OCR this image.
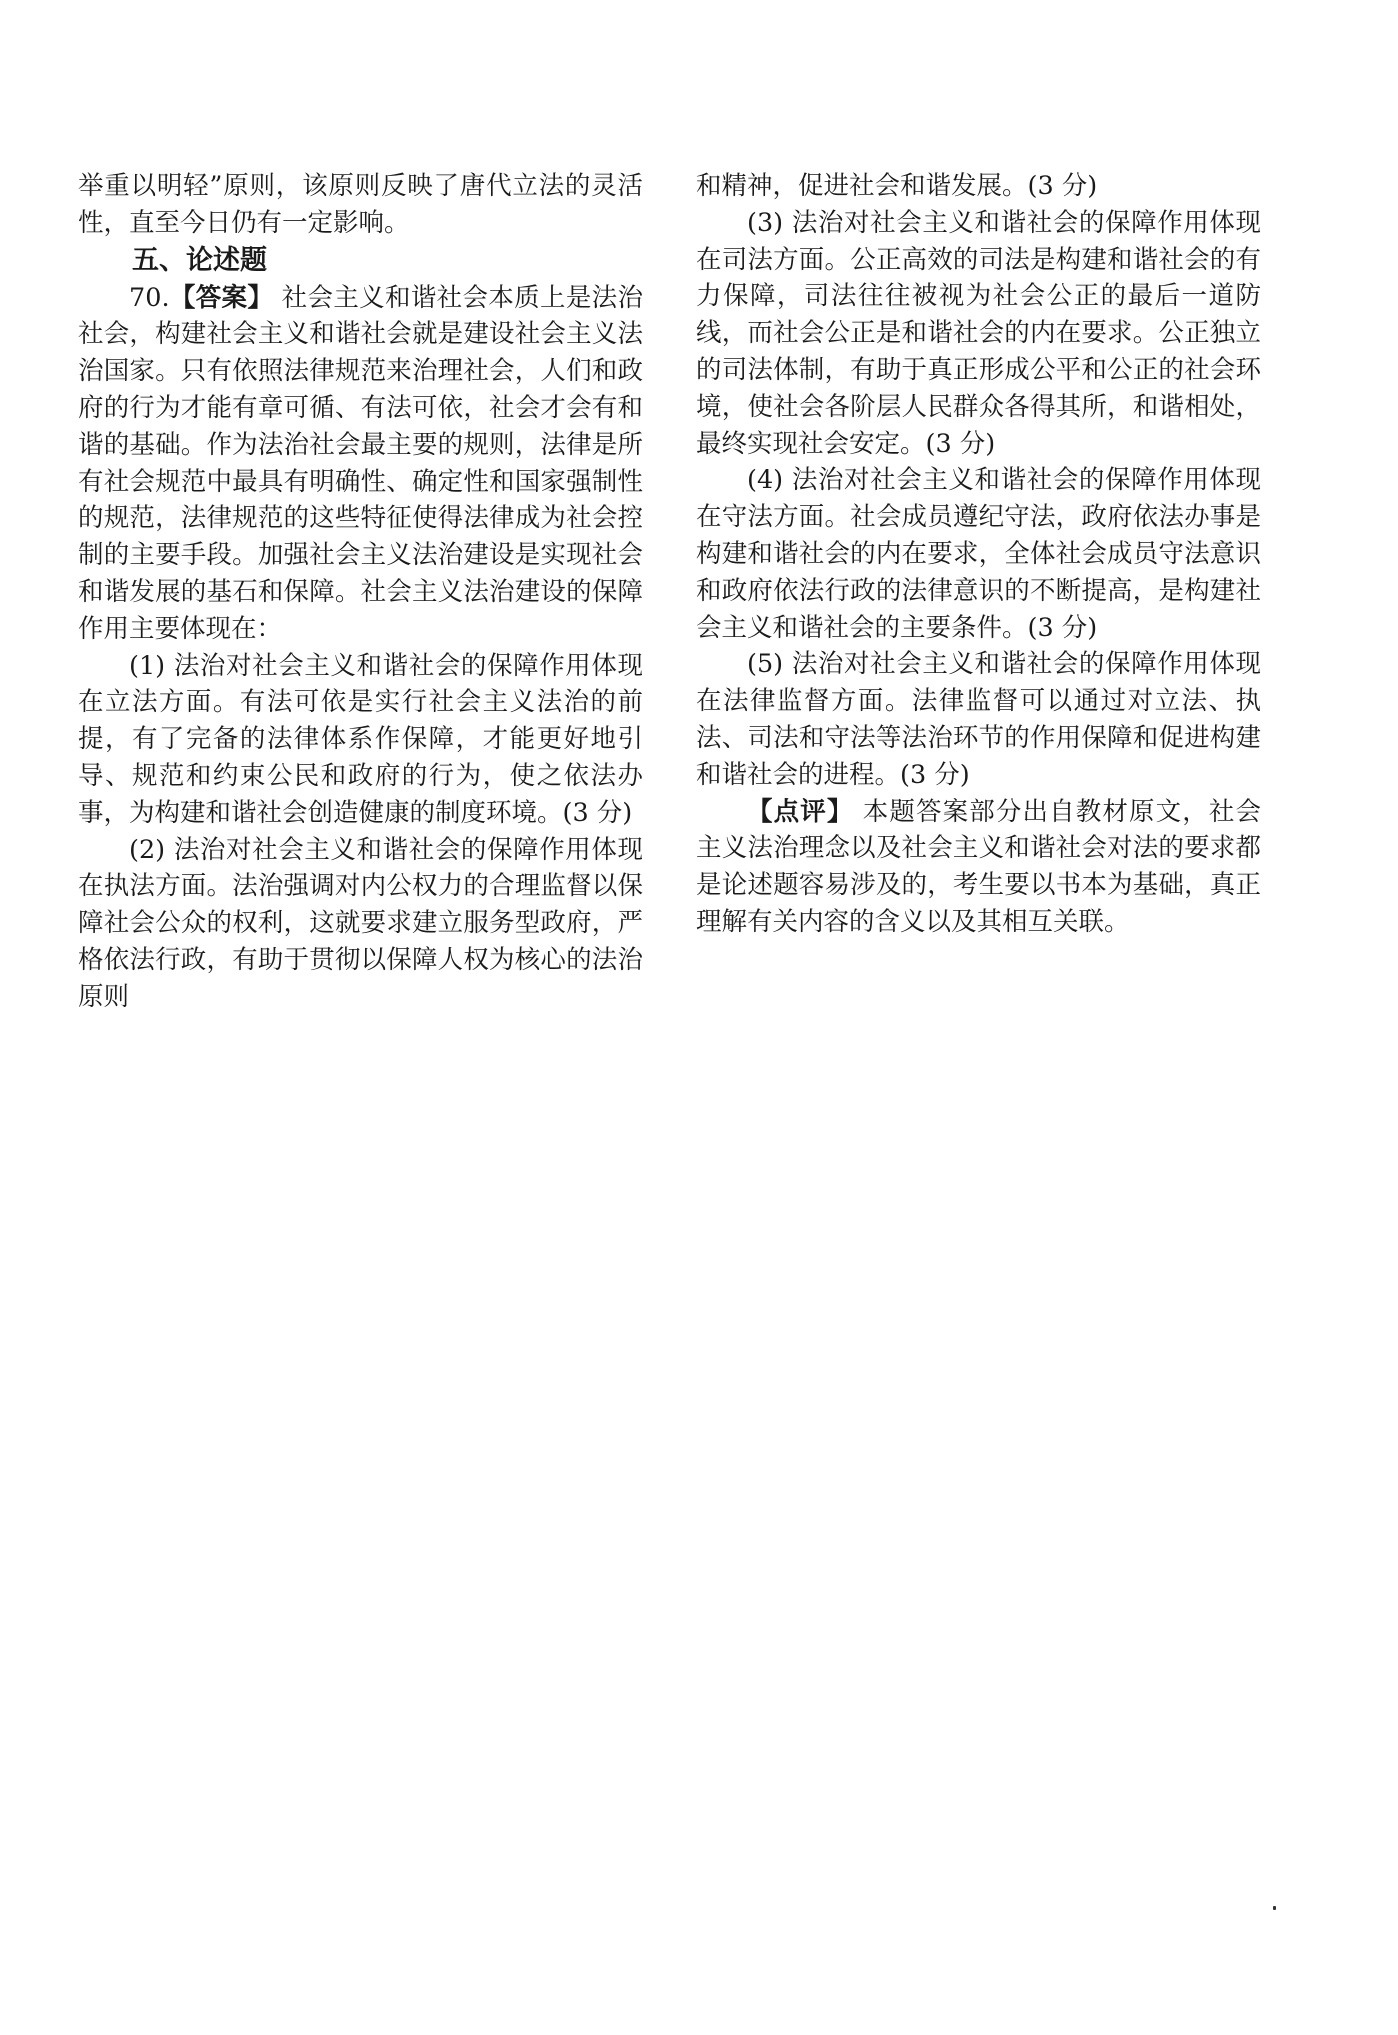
举重以明轻”原则，该原则反映了唐代立法的灵活性，直至今日仍有一定影响。

五、论述题

70.【答案】 社会主义和谐社会本质上是法治社会，构建社会主义和谐社会就是建设社会主义法治国家。只有依照法律规范来治理社会，人们和政府的行为才能有章可循、有法可依，社会才会有和谐的基础。作为法治社会最主要的规则，法律是所有社会规范中最具有明确性、确定性和国家强制性的规范，法律规范的这些特征使得法律成为社会控制的主要手段。加强社会主义法治建设是实现社会和谐发展的基石和保障。社会主义法治建设的保障作用主要体现在：

(1) 法治对社会主义和谐社会的保障作用体现在立法方面。有法可依是实行社会主义法治的前提，有了完备的法律体系作保障，才能更好地引导、规范和约束公民和政府的行为，使之依法办事，为构建和谐社会创造健康的制度环境。(3 分)

(2) 法治对社会主义和谐社会的保障作用体现在执法方面。法治强调对内公权力的合理监督以保障社会公众的权利，这就要求建立服务型政府，严格依法行政，有助于贯彻以保障人权为核心的法治原则

和精神，促进社会和谐发展。(3 分)

(3) 法治对社会主义和谐社会的保障作用体现在司法方面。公正高效的司法是构建和谐社会的有力保障，司法往往被视为社会公正的最后一道防线，而社会公正是和谐社会的内在要求。公正独立的司法体制，有助于真正形成公平和公正的社会环境，使社会各阶层人民群众各得其所，和谐相处，最终实现社会安定。(3 分)

(4) 法治对社会主义和谐社会的保障作用体现在守法方面。社会成员遵纪守法，政府依法办事是构建和谐社会的内在要求，全体社会成员守法意识和政府依法行政的法律意识的不断提高，是构建社会主义和谐社会的主要条件。(3 分)

(5) 法治对社会主义和谐社会的保障作用体现在法律监督方面。法律监督可以通过对立法、执法、司法和守法等法治环节的作用保障和促进构建和谐社会的进程。(3 分)

【点评】 本题答案部分出自教材原文，社会主义法治理念以及社会主义和谐社会对法的要求都是论述题容易涉及的，考生要以书本为基础，真正理解有关内容的含义以及其相互关联。
